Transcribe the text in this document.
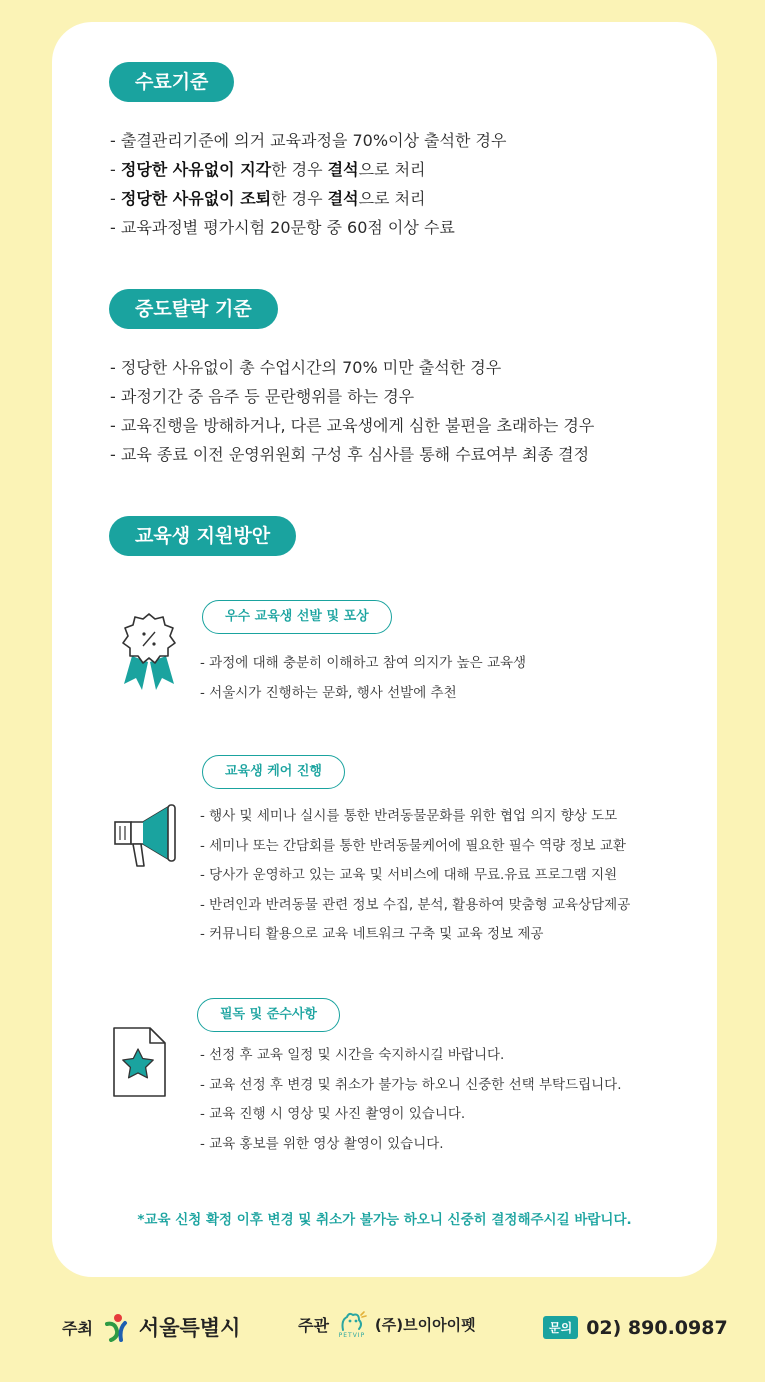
수료기준
- 출결관리기준에 의거 교육과정을 70%이상 출석한 경우
- 정당한 사유없이 지각한 경우 결석으로 처리
- 정당한 사유없이 조퇴한 경우 결석으로 처리
- 교육과정별 평가시험 20문항 중 60점 이상 수료
중도탈락 기준
- 정당한 사유없이 총 수업시간의 70% 미만 출석한 경우
- 과정기간 중 음주 등 문란행위를 하는 경우
- 교육진행을 방해하거나, 다른 교육생에게 심한 불편을 초래하는 경우
- 교육 종료 이전 운영위원회 구성 후 심사를 통해 수료여부 최종 결정
교육생 지원방안
우수 교육생 선발 및 포상
- 과정에 대해 충분히 이해하고 참여 의지가 높은 교육생
- 서울시가 진행하는 문화, 행사 선발에 추천
교육생 케어 진행
- 행사 및 세미나 실시를 통한 반려동물문화를 위한 협업 의지 향상 도모
- 세미나 또는 간담회를 통한 반려동물케어에 필요한 필수 역량 정보 교환
- 당사가 운영하고 있는 교육 및 서비스에 대해 무료.유료 프로그램 지원
- 반려인과 반려동물 관련 정보 수집, 분석, 활용하여 맞춤형 교육상담제공
- 커뮤니티 활용으로 교육 네트워크 구축 및 교육 정보 제공
필독 및 준수사항
- 선정 후 교육 일정 및 시간을 숙지하시길 바랍니다.
- 교육 선정 후 변경 및 취소가 불가능 하오니 신중한 선택 부탁드립니다.
- 교육 진행 시 영상 및 사진 촬영이 있습니다.
- 교육 홍보를 위한 영상 촬영이 있습니다.
*교육 신청 확정 이후 변경 및 취소가 불가능 하오니 신중히 결정해주시길 바랍니다.
주최 서울특별시	주관
PETVIP
(주)브이아이펫	문의 02) 890.0987
